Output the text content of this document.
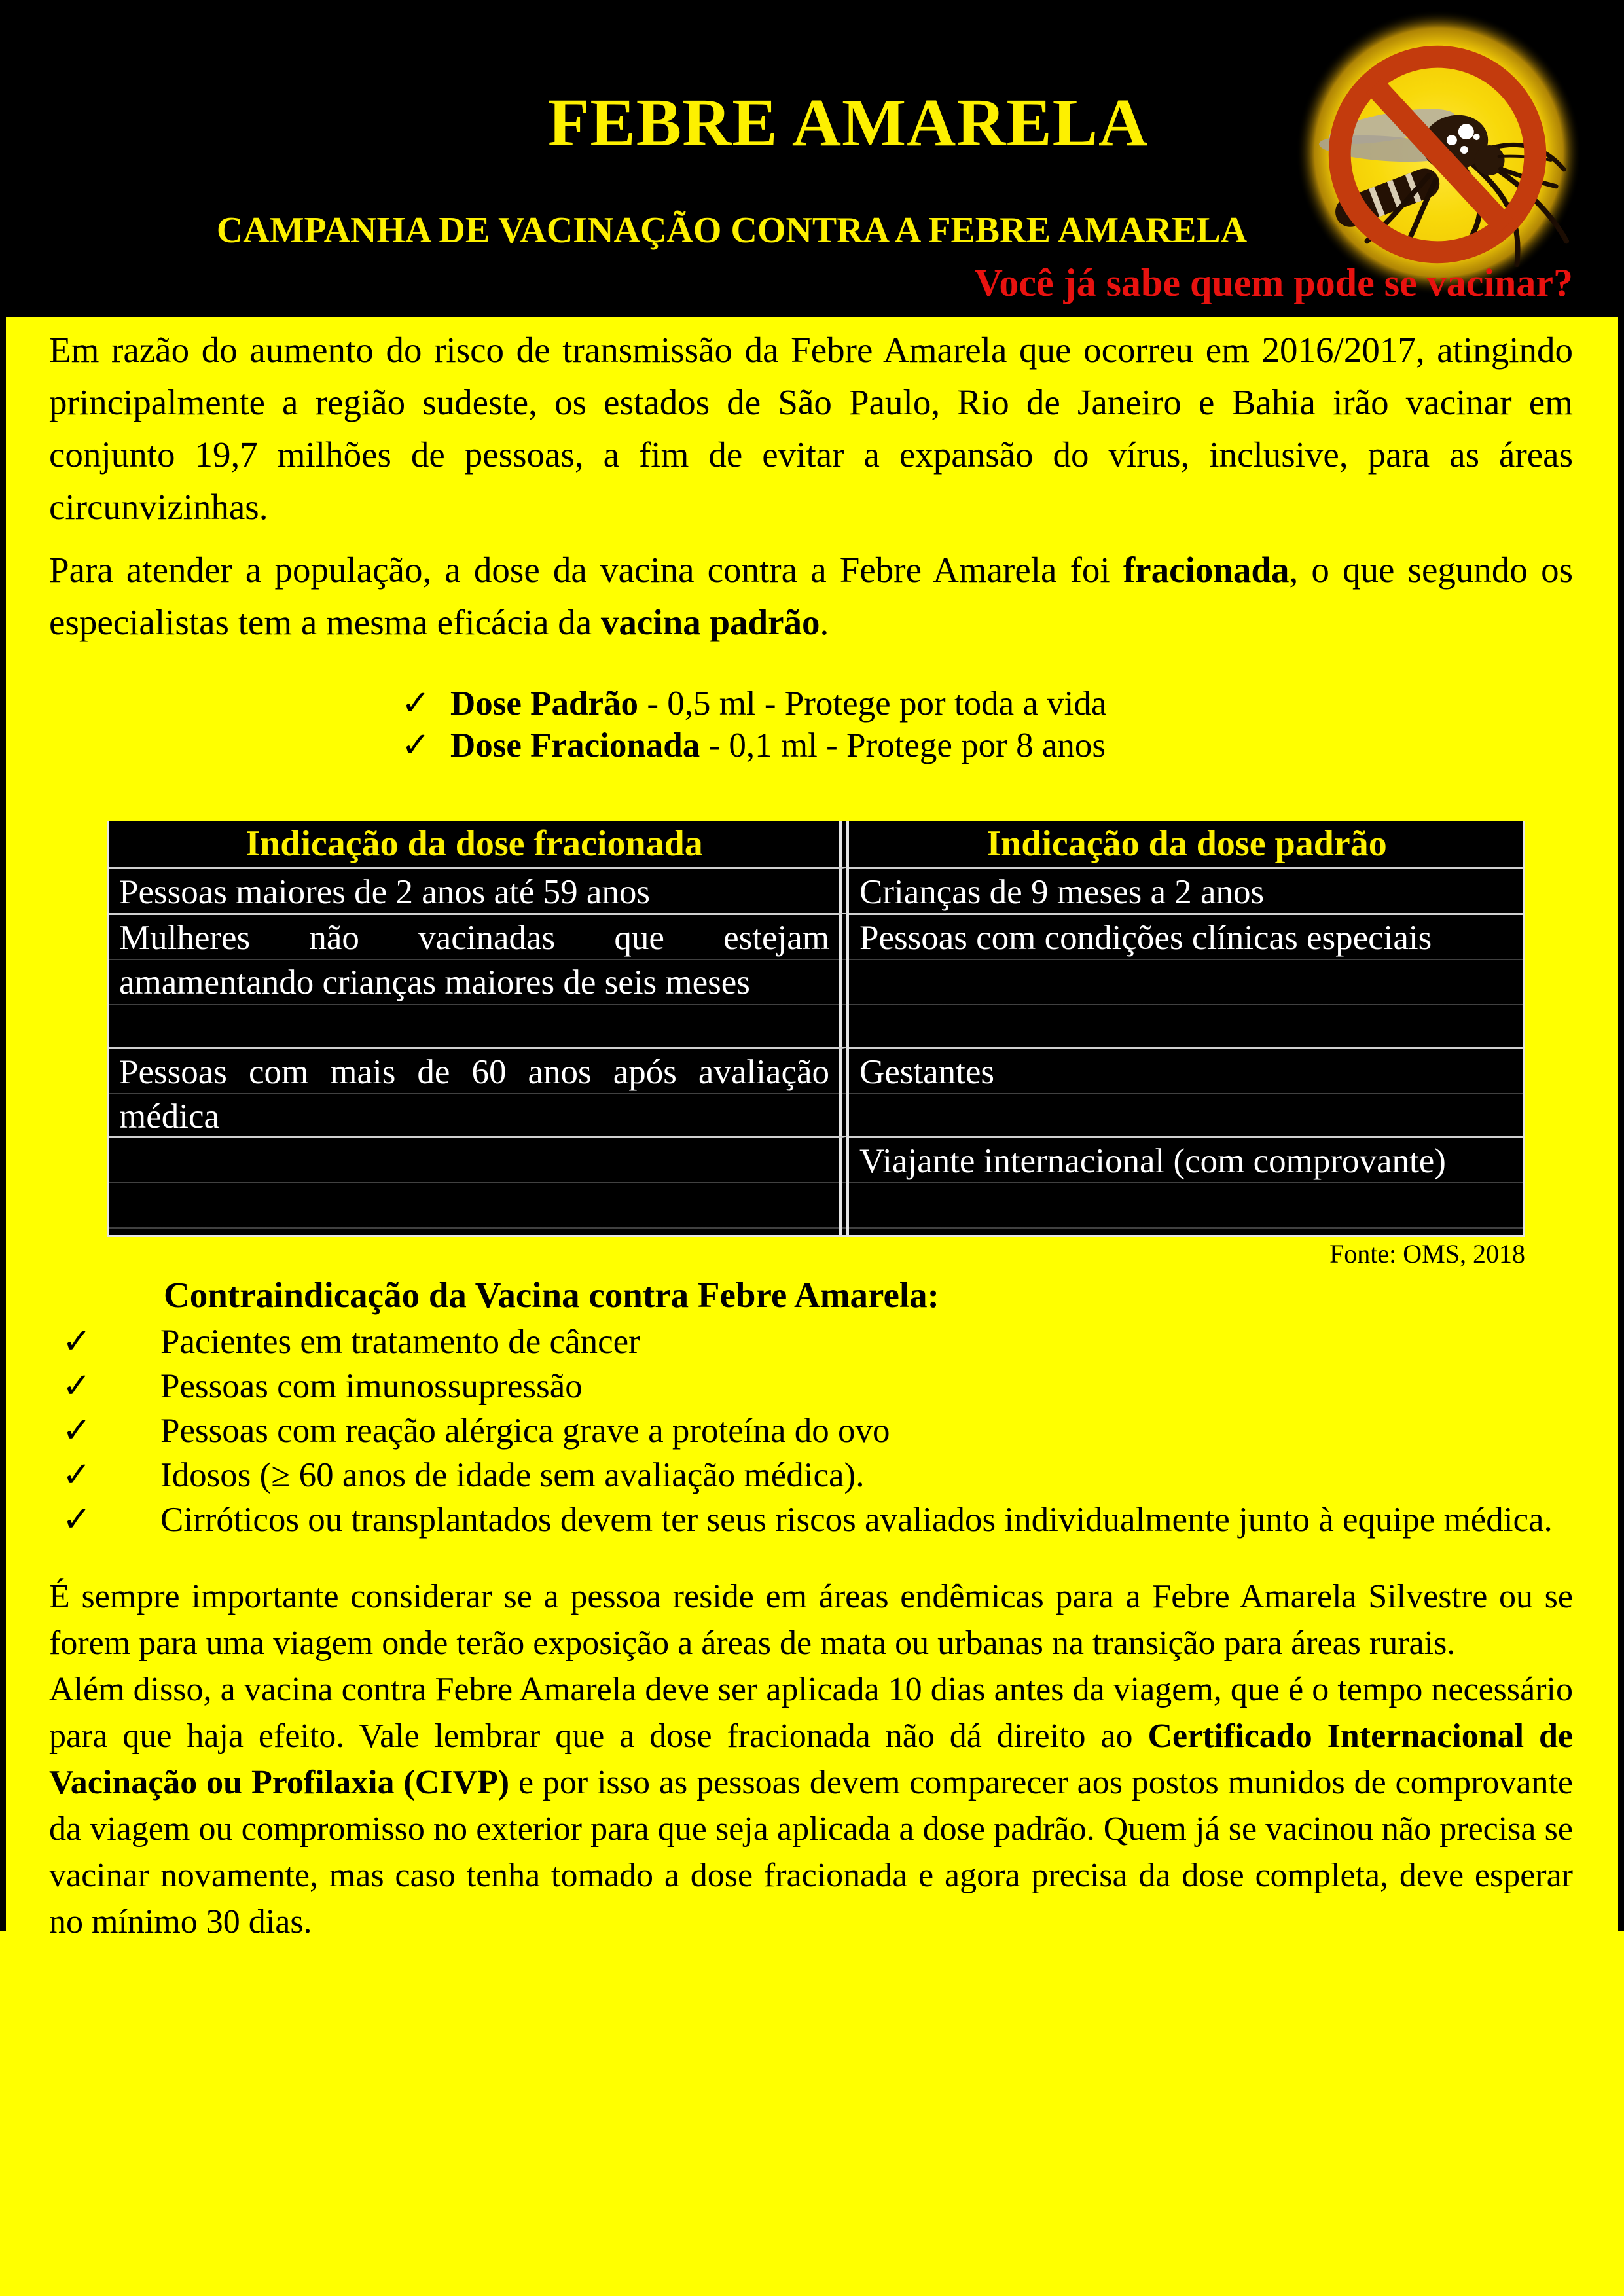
FEBRE AMARELA
CAMPANHA DE VACINAÇÃO CONTRA A FEBRE AMARELA
Você já sabe quem pode se vacinar?

Em razão do aumento do risco de transmissão da Febre Amarela que ocorreu em 2016/2017, atingindo principalmente a região sudeste, os estados de São Paulo, Rio de Janeiro e Bahia irão vacinar em conjunto 19,7 milhões de pessoas, a fim de evitar a expansão do vírus, inclusive, para as áreas circunvizinhas.

Para atender a população, a dose da vacina contra a Febre Amarela foi fracionada, o que segundo os especialistas tem a mesma eficácia da vacina padrão.

✓ Dose Padrão - 0,5 ml - Protege por toda a vida
✓ Dose Fracionada - 0,1 ml - Protege por 8 anos
Indicação da dose fracionada	Indicação da dose padrão
Pessoas maiores de 2 anos até 59 anos	Crianças de 9 meses a 2 anos
Mulheres não vacinadas que estejam amamentando crianças maiores de seis meses
Pessoas com condições clínicas especiais
Pessoas com mais de 60 anos após avaliação médica
Gestantes
Viajante internacional (com comprovante)
Fonte: OMS, 2018
Contraindicação da Vacina contra Febre Amarela:
✓ Pacientes em tratamento de câncer
✓ Pessoas com imunossupressão
✓ Pessoas com reação alérgica grave a proteína do ovo
✓ Idosos (≥ 60 anos de idade sem avaliação médica).
✓ Cirróticos ou transplantados devem ter seus riscos avaliados individualmente junto à equipe médica.

É sempre importante considerar se a pessoa reside em áreas endêmicas para a Febre Amarela Silvestre ou se forem para uma viagem onde terão exposição a áreas de mata ou urbanas na transição para áreas rurais.

Além disso, a vacina contra Febre Amarela deve ser aplicada 10 dias antes da viagem, que é o tempo necessário para que haja efeito. Vale lembrar que a dose fracionada não dá direito ao Certificado Internacional de Vacinação ou Profilaxia (CIVP) e por isso as pessoas devem comparecer aos postos munidos de comprovante da viagem ou compromisso no exterior para que seja aplicada a dose padrão. Quem já se vacinou não precisa se vacinar novamente, mas caso tenha tomado a dose fracionada e agora precisa da dose completa, deve esperar no mínimo 30 dias.
